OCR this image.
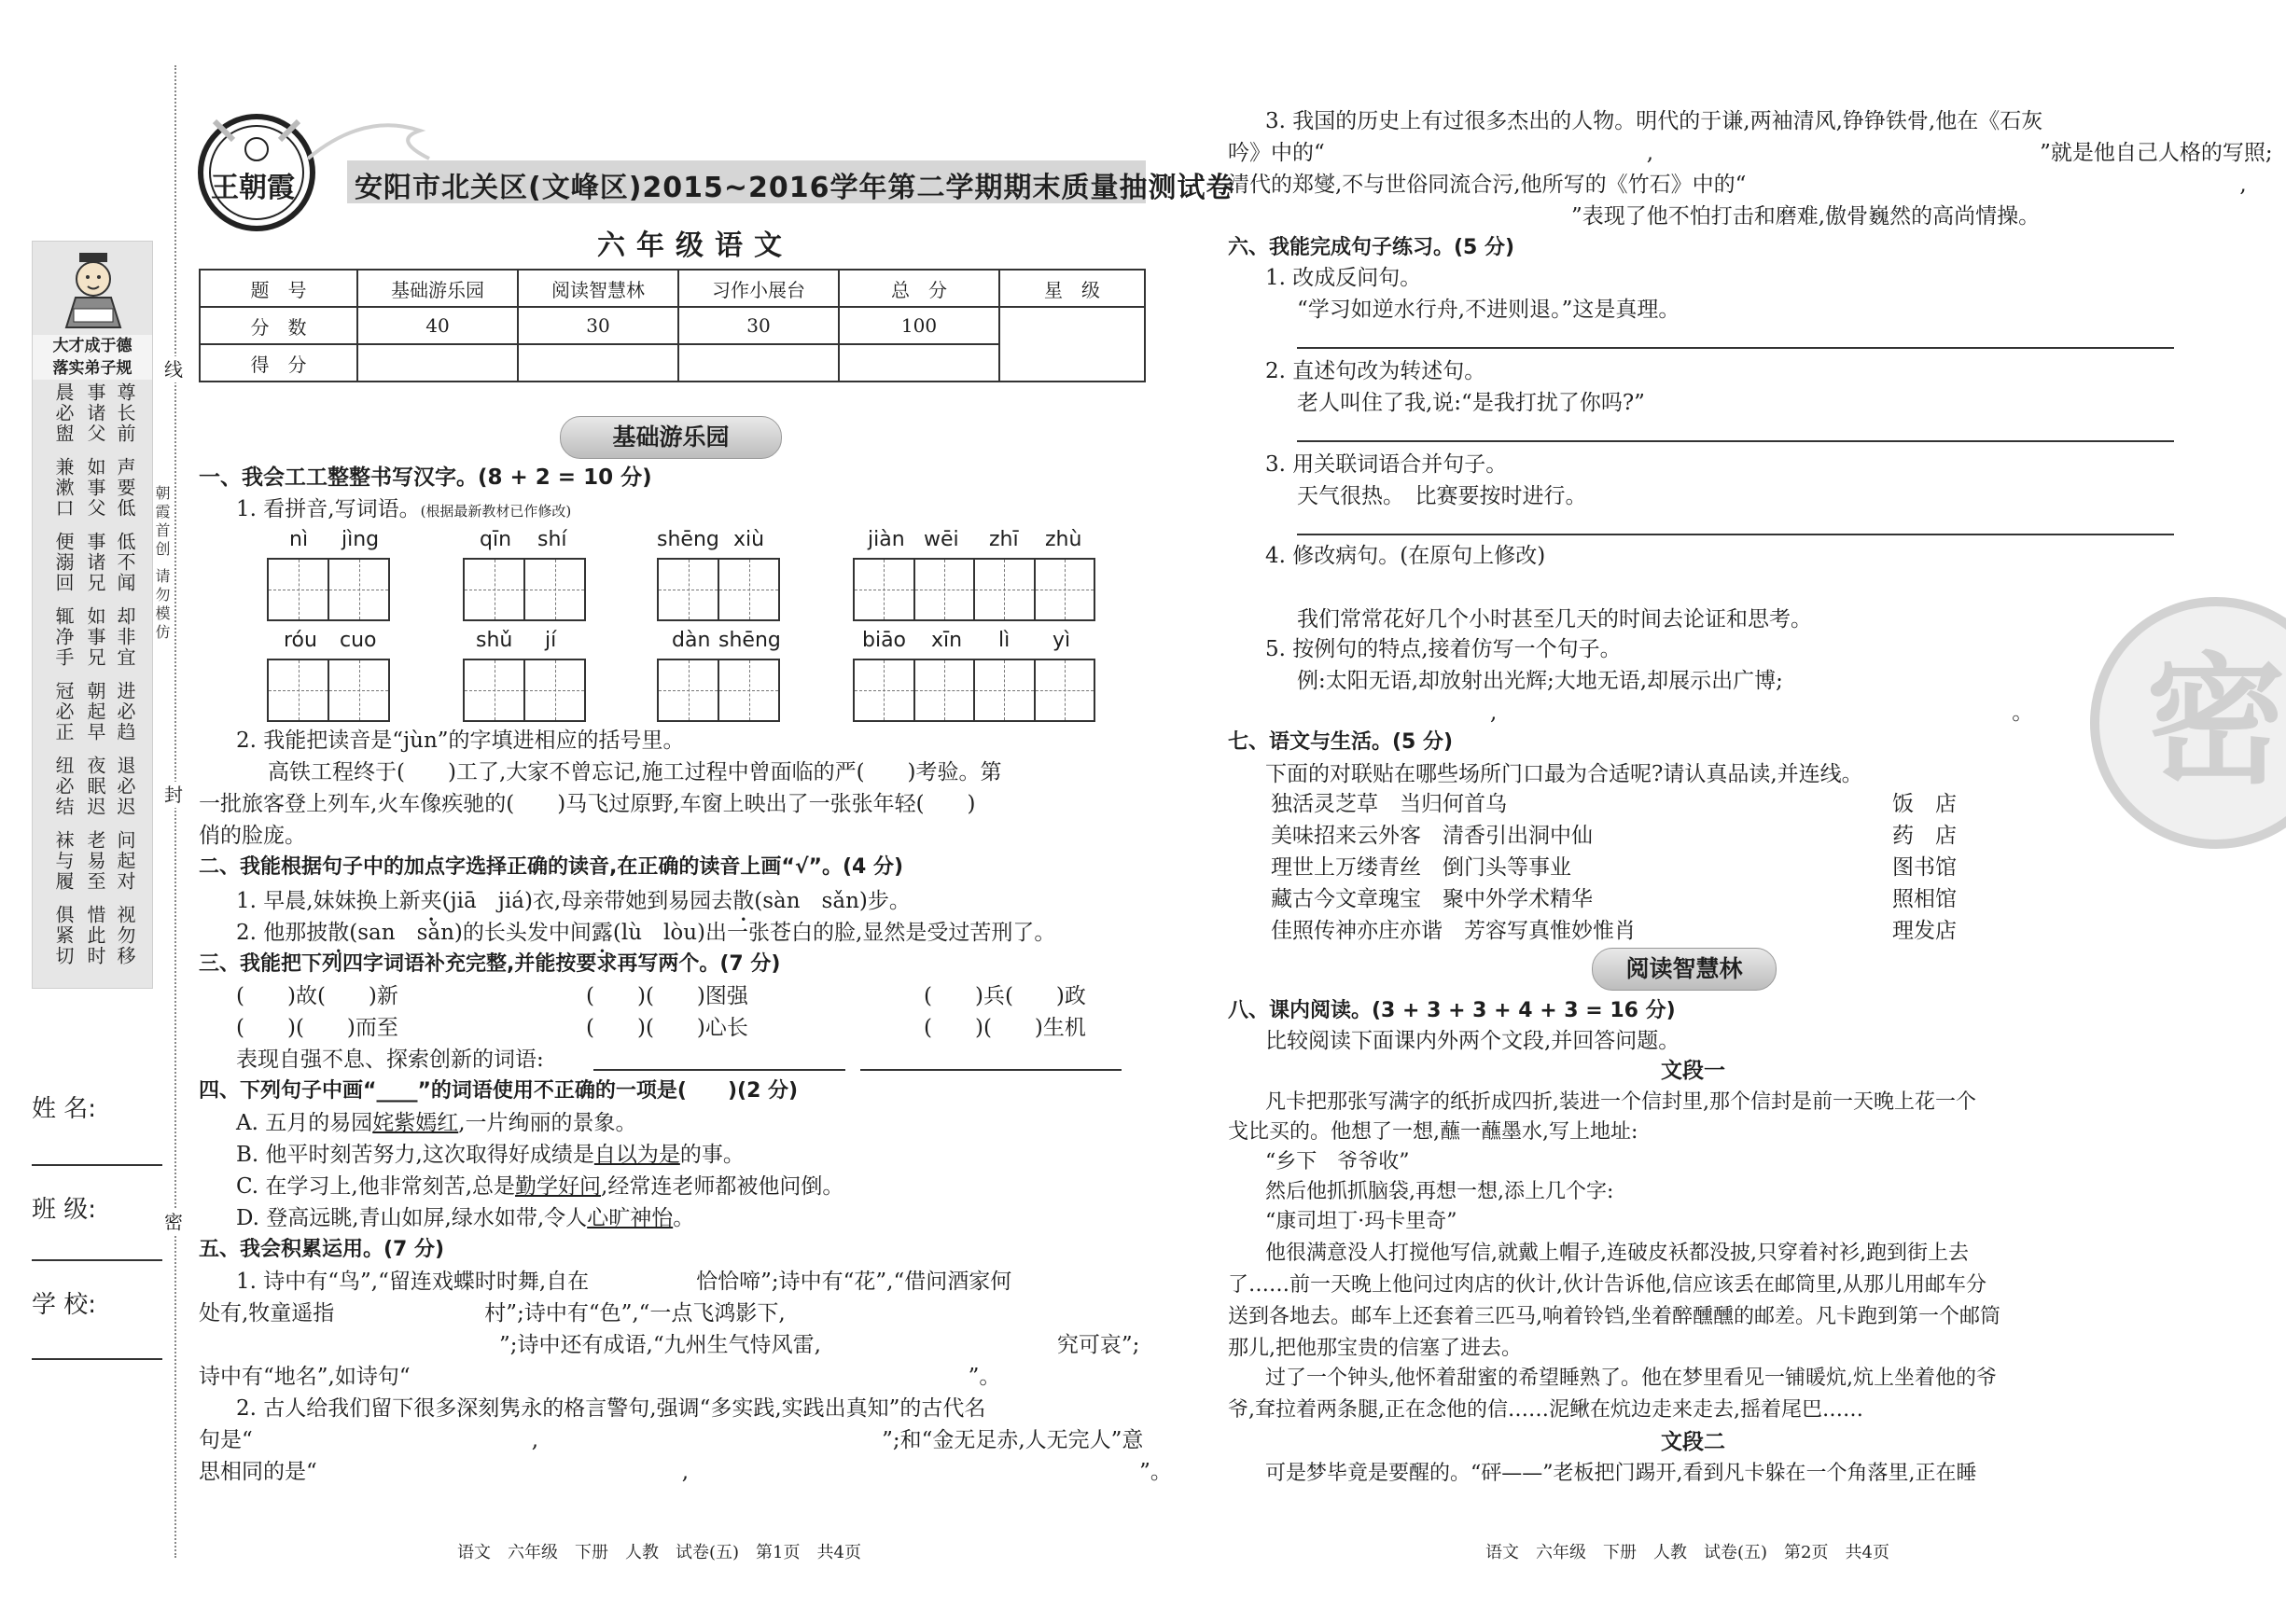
线
封
密
大才成于德
落实弟子规
晨必盥 事诸父 尊长前
兼漱口 如事父 声要低
便溺回 事诸兄 低不闻
辄净手 如事兄 却非宜
冠必正 朝起早 进必趋
纽必结 夜眠迟 退必迟
袜与履 老易至 问起对
俱紧切 惜此时 视勿移
朝霞首创 请勿模仿
姓 名:
班 级:
学 校:
王朝霞 安阳市北关区(文峰区)2015~2016学年第二学期期末质量抽测试卷
六年级语文
题　号	基础游乐园	阅读智慧林	习作小展台	总　分	星　级
分　数	40	30	30	100	
得　分					
基础游乐园
一、我会工工整整书写汉字。(8 + 2 = 10 分)
1. 看拼音,写词语。(根据最新教材已作修改)
nì jìng	qīn shí	shēng xiù	jiàn wēi zhī zhù
róu cuo	shǔ jí	dàn shēng	biāo xīn lì yì
2. 我能把读音是“jùn”的字填进相应的括号里。
高铁工程终于(　　)工了,大家不曾忘记,施工过程中曾面临的严(　　)考验。第
一批旅客登上列车,火车像疾驰的(　　)马飞过原野,车窗上映出了一张张年轻(　　)
俏的脸庞。
二、我能根据句子中的加点字选择正确的读音,在正确的读音上画“√”。(4 分)
1. 早晨,妹妹换上新夹(jiā　jiá)衣,母亲带她到易园去散(sàn　sǎn)步。
2. 他那披散(san　sǎn)的长头发中间露(lù　lòu)出一张苍白的脸,显然是受过苦刑了。
三、我能把下列四字词语补充完整,并能按要求再写两个。(7 分)
(　　)故(　　)新	(　　)(　　)图强	(　　)兵(　　)政
(　　)(　　)而至	(　　)(　　)心长	(　　)(　　)生机
表现自强不息、探索创新的词语:
四、下列句子中画“____”的词语使用不正确的一项是(　　)(2 分)
A. 五月的易园姹紫嫣红,一片绚丽的景象。
B. 他平时刻苦努力,这次取得好成绩是自以为是的事。
C. 在学习上,他非常刻苦,总是勤学好问,经常连老师都被他问倒。
D. 登高远眺,青山如屏,绿水如带,令人心旷神怡。
五、我会积累运用。(7 分)
1. 诗中有“鸟”,“留连戏蝶时时舞,自在　　　　　恰恰啼”;诗中有“花”,“借问酒家何
处有,牧童遥指　　　　　　　村”;诗中有“色”,“一点飞鸿影下,
　　　　　　　　　　　　　　”;诗中还有成语,“九州生气恃风雷,　　　　　　　　　　　究可哀”;
诗中有“地名”,如诗句“　　　　　　　　　　　　　　　　　　　　　　　　　　”。
2. 古人给我们留下很多深刻隽永的格言警句,强调“多实践,实践出真知”的古代名
句是“　　　　　　　　　　　　　,　　　　　　　　　　　　　　　　”;和“金无足赤,人无完人”意
思相同的是“　　　　　　　　　　　　　　　　　,　　　　　　　　　　　　　　　　　　　　　”。
语文　六年级　下册　人教　试卷(五)　第1页　共4页
3. 我国的历史上有过很多杰出的人物。明代的于谦,两袖清风,铮铮铁骨,他在《石灰
吟》中的“　　　　　　　　　　　　　　　,　　　　　　　　　　　　　　　　　　”就是他自己人格的写照;
清代的郑燮,不与世俗同流合污,他所写的《竹石》中的“　　　　　　　　　　　　　　　　　　　　　　　,
　　　　　　　　　　　　　　　　”表现了他不怕打击和磨难,傲骨巍然的高尚情操。
六、我能完成句子练习。(5 分)
1. 改成反问句。
“学习如逆水行舟,不进则退。”这是真理。
2. 直述句改为转述句。
老人叫住了我,说:“是我打扰了你吗?”
3. 用关联词语合并句子。
天气很热。　比赛要按时进行。
4. 修改病句。(在原句上修改)
我们常常花好几个小时甚至几天的时间去论证和思考。
5. 按例句的特点,接着仿写一个句子。
例:太阳无语,却放射出光辉;大地无语,却展示出广博;
　　　　　　　　　,　　　　　　　　　　　　　　　　　　　　　　　　。
七、语文与生活。(5 分)
下面的对联贴在哪些场所门口最为合适呢?请认真品读,并连线。
独活灵芝草　当归何首乌	饭　店
美味招来云外客　清香引出洞中仙	药　店
理世上万缕青丝　倒门头等事业	图书馆
藏古今文章瑰宝　聚中外学术精华	照相馆
佳照传神亦庄亦谐　芳容写真惟妙惟肖	理发店
阅读智慧林
八、课内阅读。(3 + 3 + 3 + 4 + 3 = 16 分)
比较阅读下面课内外两个文段,并回答问题。
文段一
凡卡把那张写满字的纸折成四折,装进一个信封里,那个信封是前一天晚上花一个
戈比买的。他想了一想,蘸一蘸墨水,写上地址:
“乡下　爷爷收”
然后他抓抓脑袋,再想一想,添上几个字:
“康司坦丁·玛卡里奇”
他很满意没人打搅他写信,就戴上帽子,连破皮袄都没披,只穿着衬衫,跑到街上去
了……前一天晚上他问过肉店的伙计,伙计告诉他,信应该丢在邮筒里,从那儿用邮车分
送到各地去。邮车上还套着三匹马,响着铃铛,坐着醉醺醺的邮差。凡卡跑到第一个邮筒
那儿,把他那宝贵的信塞了进去。
过了一个钟头,他怀着甜蜜的希望睡熟了。他在梦里看见一铺暖炕,炕上坐着他的爷
爷,耷拉着两条腿,正在念他的信……泥鳅在炕边走来走去,摇着尾巴……
文段二
可是梦毕竟是要醒的。“砰——”老板把门踢开,看到凡卡躲在一个角落里,正在睡
语文　六年级　下册　人教　试卷(五)　第2页　共4页
密
